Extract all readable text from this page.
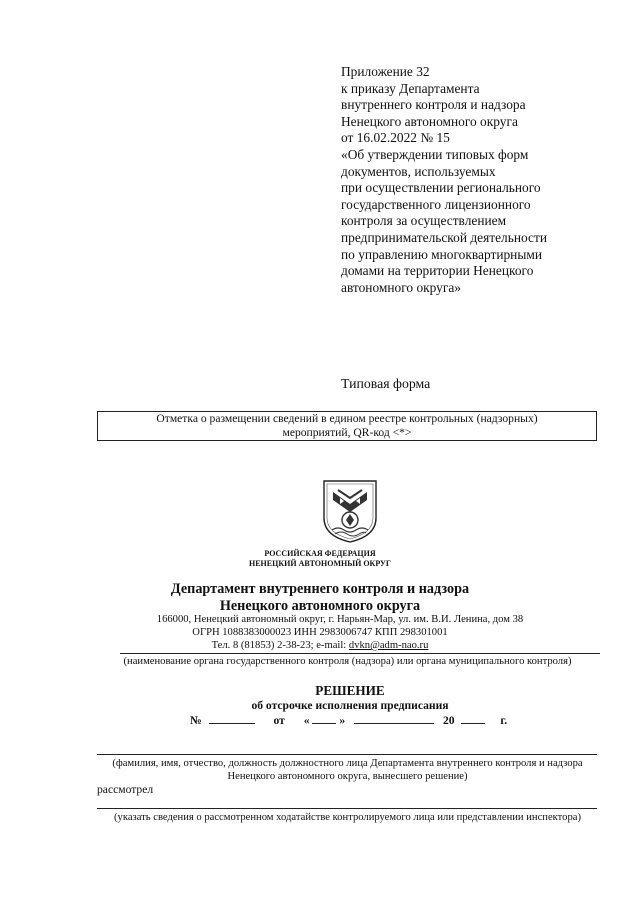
Приложение 32
к приказу Департамента
внутреннего контроля и надзора
Ненецкого автономного округа
от 16.02.2022 № 15
«Об утверждении типовых форм
документов, используемых
при осуществлении регионального
государственного лицензионного
контроля за осуществлением
предпринимательской деятельности
по управлению многоквартирными
домами на территории Ненецкого
автономного округа»
Типовая форма
Отметка о размещении сведений в едином реестре контрольных (надзорных)
мероприятий, QR-код <*>
РОССИЙСКАЯ ФЕДЕРАЦИЯ
НЕНЕЦКИЙ АВТОНОМНЫЙ ОКРУГ
Департамент внутреннего контроля и надзора
Ненецкого автономного округа
166000, Ненецкий автономный округ, г. Нарьян-Мар, ул. им. В.И. Ленина, дом 38
ОГРН 1088383000023 ИНН 2983006747 КПП 298301001
Тел. 8 (81853) 2-38-23; e-mail: dvkn@adm-nao.ru
(наименование органа государственного контроля (надзора) или органа муниципального контроля)
РЕШЕНИЕ
об отсрочке исполнения предписания
№	от «	»	20	г.
(фамилия, имя, отчество, должность должностного лица Департамента внутреннего контроля и надзора
Ненецкого автономного округа, вынесшего решение)
рассмотрел
(указать сведения о рассмотренном ходатайстве контролируемого лица или представлении инспектора)
